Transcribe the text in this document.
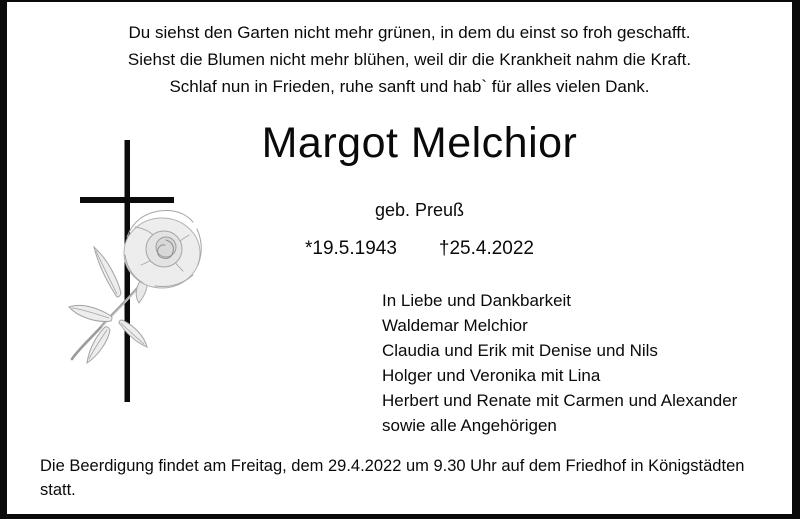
Du siehst den Garten nicht mehr grünen, in dem du einst so froh geschafft.
Siehst die Blumen nicht mehr blühen, weil dir die Krankheit nahm die Kraft.
Schlaf nun in Frieden, ruhe sanft und hab` für alles vielen Dank.
Margot Melchior
geb. Preuß
*19.5.1943 †25.4.2022
In Liebe und Dankbarkeit
Waldemar Melchior
Claudia und Erik mit Denise und Nils
Holger und Veronika mit Lina
Herbert und Renate mit Carmen und Alexander
sowie alle Angehörigen
Die Beerdigung findet am Freitag, dem 29.4.2022 um 9.30 Uhr auf dem Friedhof in Königstädten
statt.
